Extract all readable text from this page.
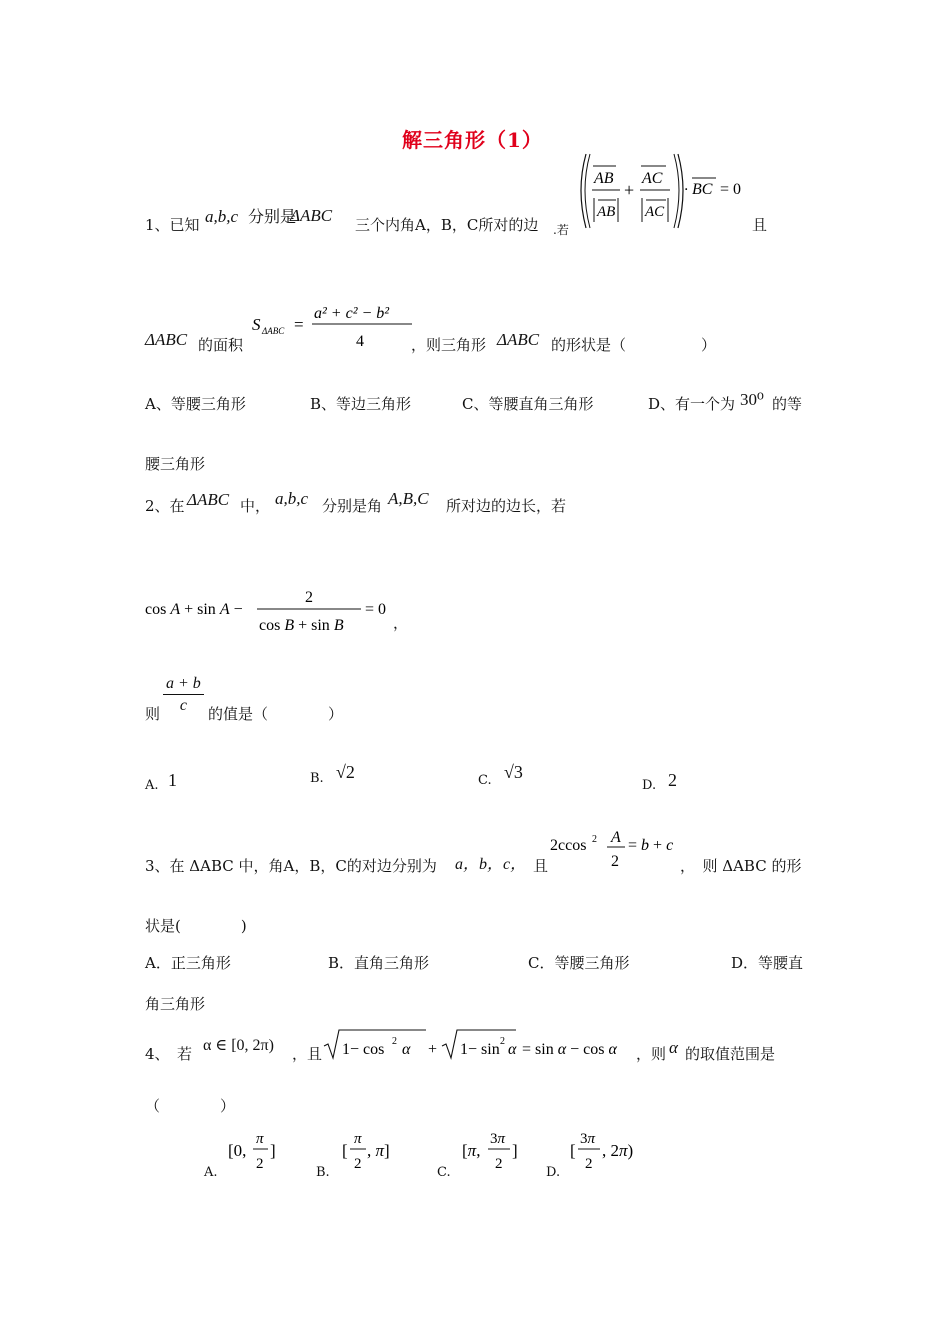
解三角形（1）
1、已知 a,b,c 分别是
ΔABC 三个内角A，B，C所对的边 .若
AB
AB
+
AC
AC
· BC = 0
且
ΔABC 的面积
S ΔABC =
a² + c² − b²
4	，则三角形 ΔABC 的形状是（　　　　　）
A、等腰三角形	B、等边三角形	C、等腰直角三角形	D、有一个为 30⁰ 的等
腰三角形
2、在 ΔABC 中， a,b,c 分别是角 A,B,C 所对边的边长，若
cos A + sin A −
2
cos B + sin B
= 0
，
则 $\frac{a + b}{c}$ 的值是（　　　　）
A. 1	B. √2	C. √3
D. 2
3、在 ΔABC 中，角A，B，C的对边分别为 a，b，c， 且
2ccos 2 A
2
= b + c
，　则 ΔABC 的形
状是(　　　　)
A．正三角形	B．直角三角形	C．等腰三角形	D．等腰直
角三角形
4、　若 α ∈ [0, 2π) ，且 1− cos 2 α + 1− sin 2 α = sin α − cos α ，则 α 的取值范围是
（　　　　）
A.
[0,
π
2
]
B.
[
π
2
, π]
C.
[π,
3π
2
]
D.
[
3π
2
, 2π)
